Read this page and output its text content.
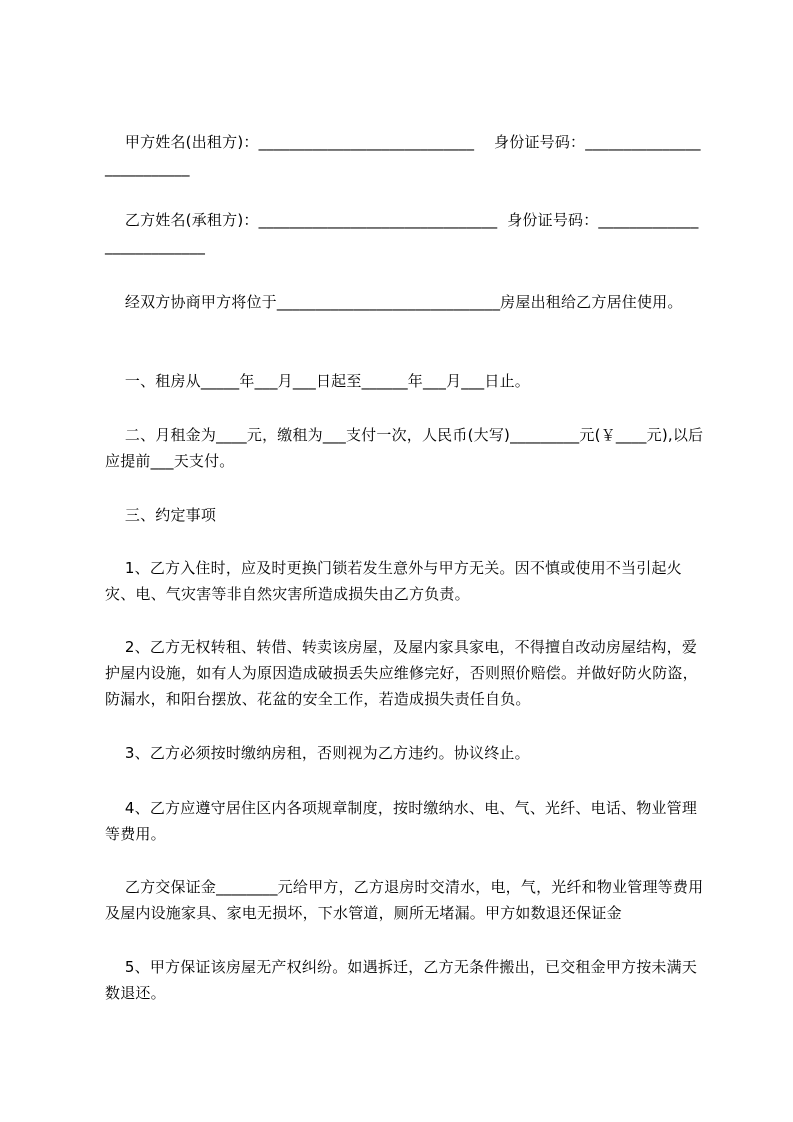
甲方姓名(出租方)：____________________________    身份证号码：__________________________
乙方姓名(承租方)：_______________________________  身份证号码：__________________________
经双方协商甲方将位于_____________________________房屋出租给乙方居住使用。
一、租房从_____年___月___日起至______年___月___日止。
二、月租金为____元，缴租为___支付一次，人民币(大写)_________元(￥____元),以后应提前___天支付。
三、约定事项
1、乙方入住时，应及时更换门锁若发生意外与甲方无关。因不慎或使用不当引起火灾、电、气灾害等非自然灾害所造成损失由乙方负责。
2、乙方无权转租、转借、转卖该房屋，及屋内家具家电，不得擅自改动房屋结构，爱护屋内设施，如有人为原因造成破损丢失应维修完好，否则照价赔偿。并做好防火防盗，防漏水，和阳台摆放、花盆的安全工作，若造成损失责任自负。
3、乙方必须按时缴纳房租，否则视为乙方违约。协议终止。
4、乙方应遵守居住区内各项规章制度，按时缴纳水、电、气、光纤、电话、物业管理等费用。
乙方交保证金________元给甲方，乙方退房时交清水，电，气，光纤和物业管理等费用及屋内设施家具、家电无损坏，下水管道，厕所无堵漏。甲方如数退还保证金
5、甲方保证该房屋无产权纠纷。如遇拆迁，乙方无条件搬出，已交租金甲方按未满天数退还。
